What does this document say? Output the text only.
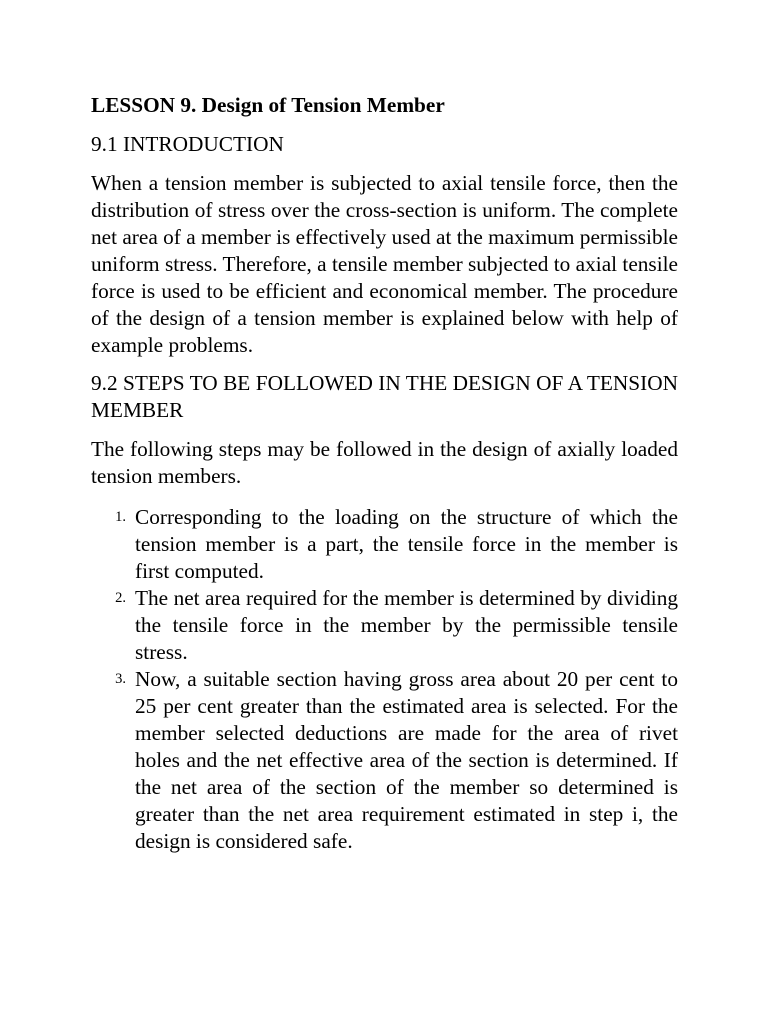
LESSON 9. Design of Tension Member
9.1 INTRODUCTION

When a tension member is subjected to axial tensile force, then the distribution of stress over the cross-section is uniform. The complete net area of a member is effectively used at the maximum permissible uniform stress. Therefore, a tensile member subjected to axial tensile force is used to be efficient and economical member. The procedure of the design of a tension member is explained below with help of example problems.

9.2 STEPS TO BE FOLLOWED IN THE DESIGN OF A TENSION MEMBER

The following steps may be followed in the design of axially loaded tension members.

1. Corresponding to the loading on the structure of which the tension member is a part, the tensile force in the member is first computed.
2. The net area required for the member is determined by dividing the tensile force in the member by the permissible tensile stress.
3. Now, a suitable section having gross area about 20 per cent to 25 per cent greater than the estimated area is selected. For the member selected deductions are made for the area of rivet holes and the net effective area of the section is determined. If the net area of the section of the member so determined is greater than the net area requirement estimated in step i, the design is considered safe.
